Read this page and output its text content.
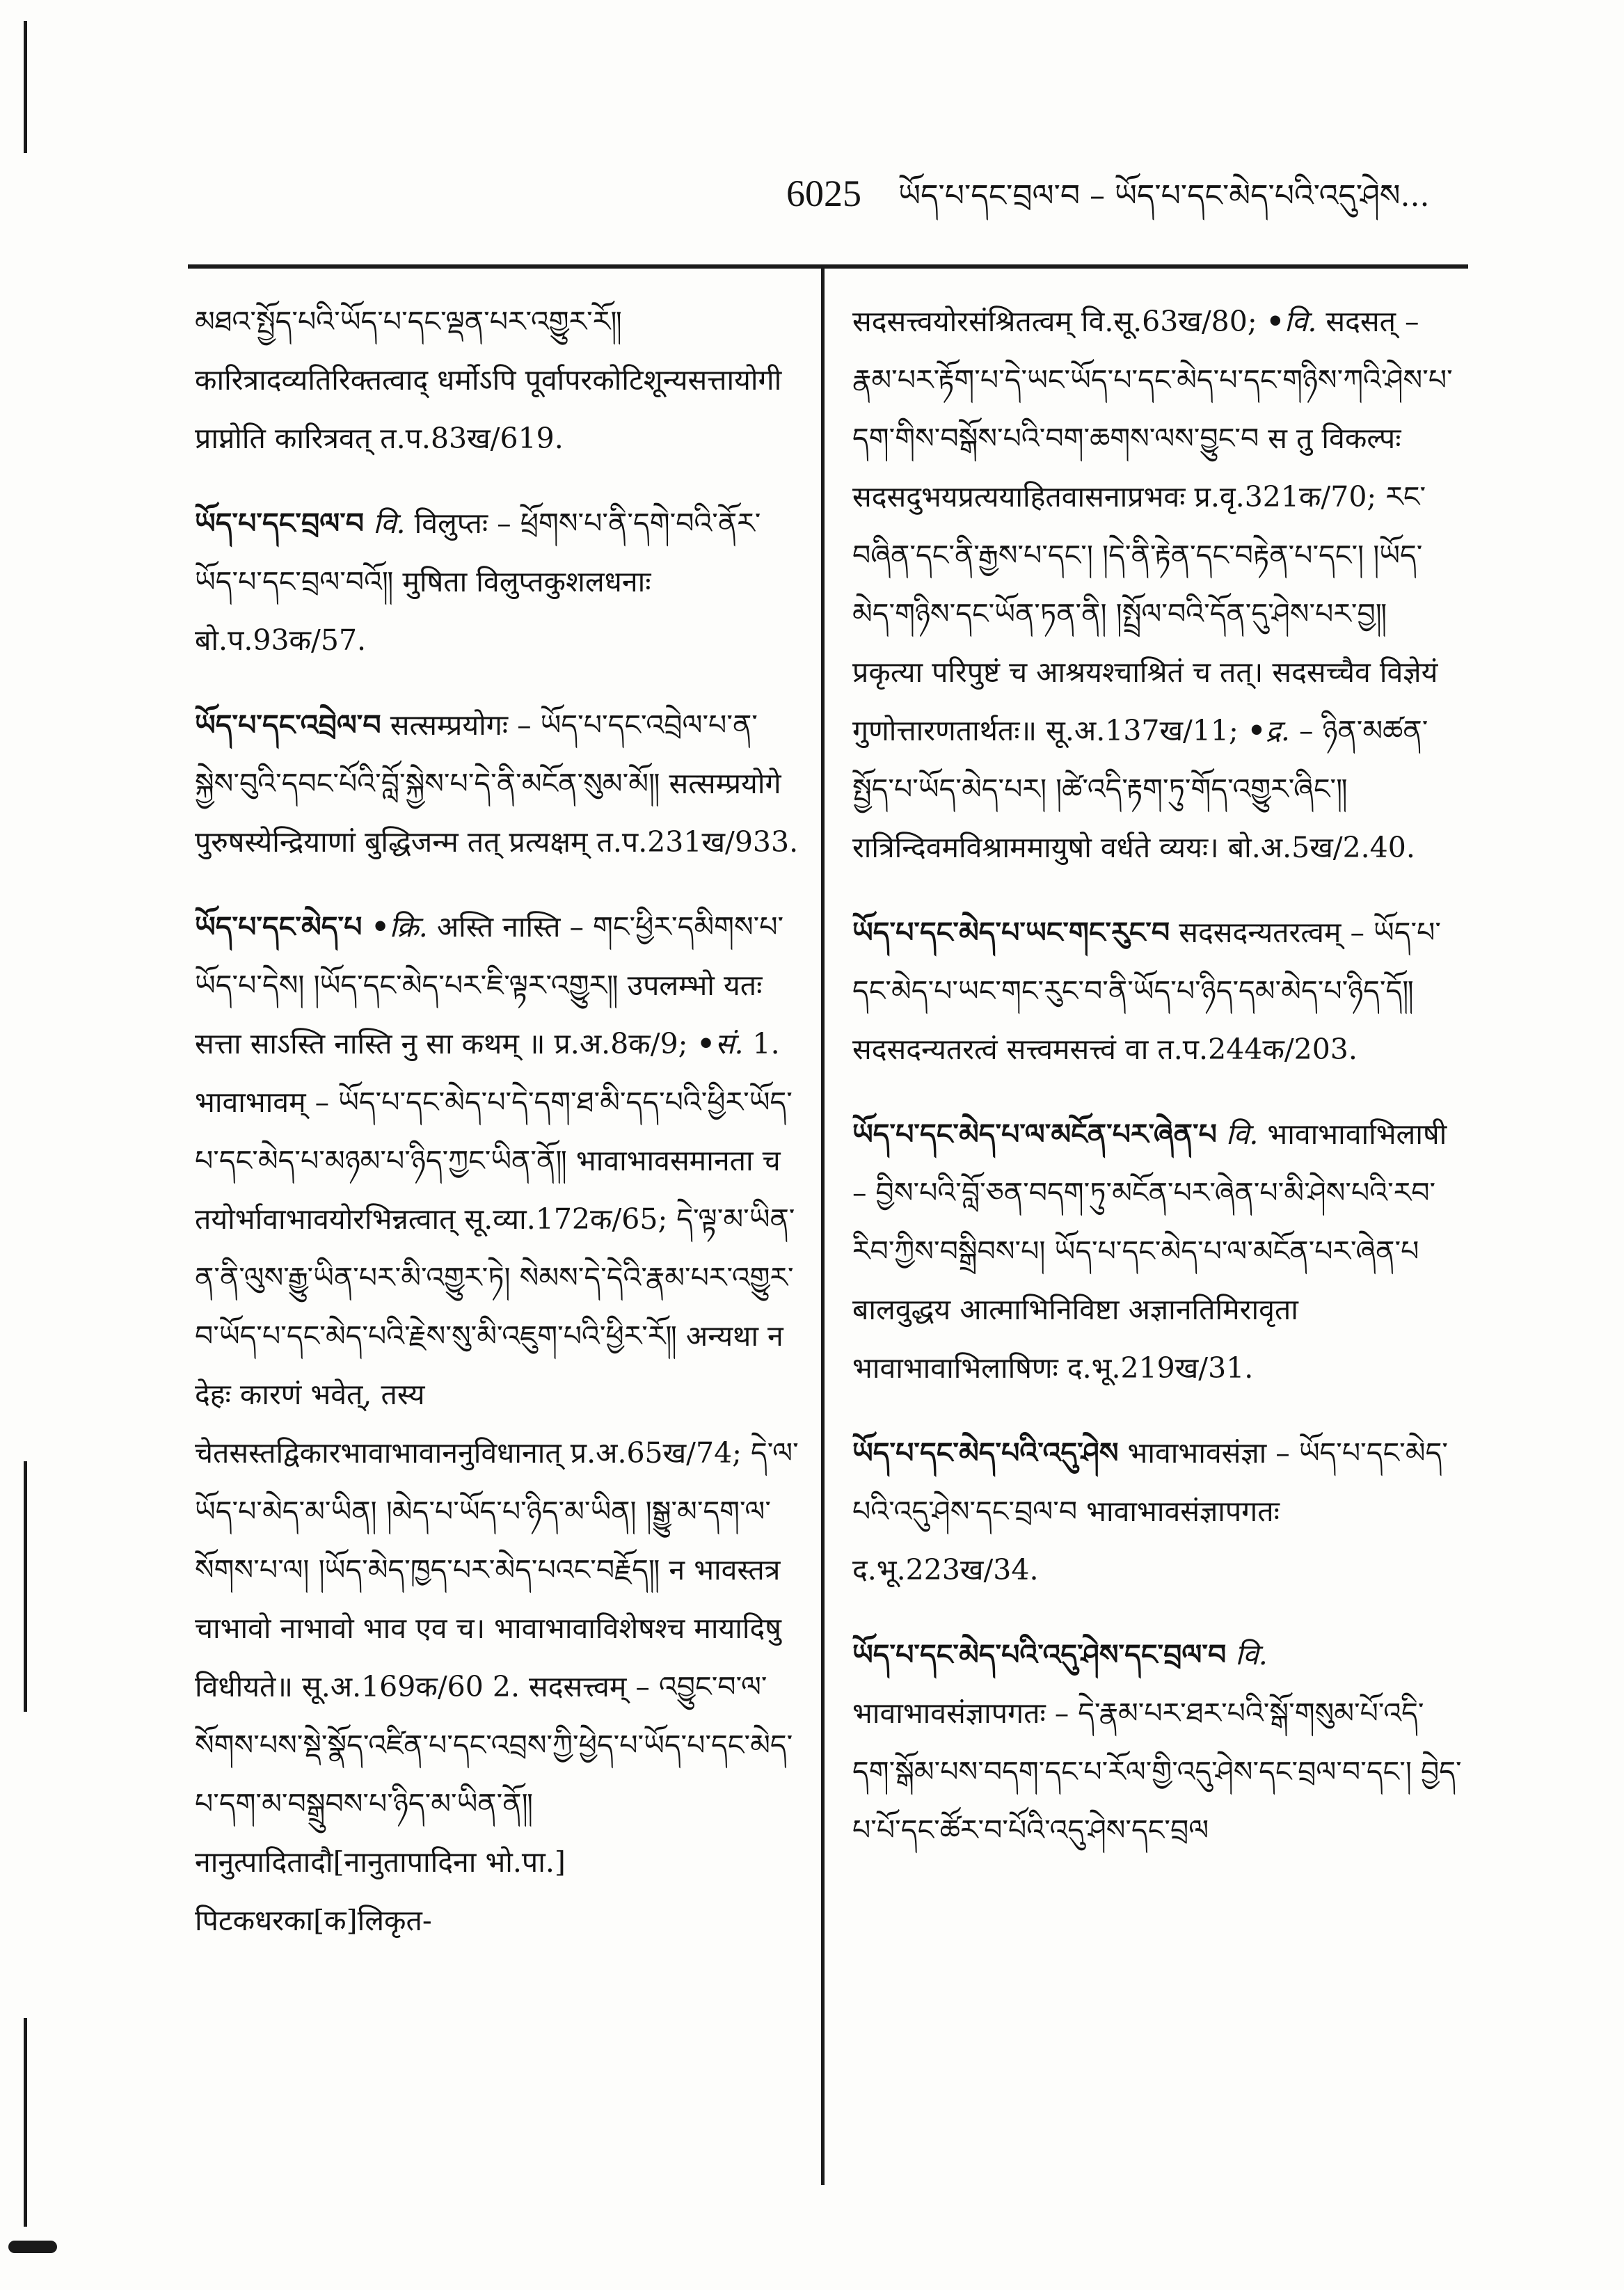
6025 ཡོད་པ་དང་བྲལ་བ – ཡོད་པ་དང་མེད་པའི་འདུ་ཤེས...

མཐའ་སྤྱོད་པའི་ཡོད་པ་དང་ལྡན་པར་འགྱུར་རོ༎ कारित्रादव्यतिरिक्तत्वाद् धर्मोऽपि पूर्वापरकोटिशून्यसत्तायोगी प्राप्नोति कारित्रवत् त.प.83ख/619.

ཡོད་པ་དང་བྲལ་བ वि. विलुप्तः – ཕྲོགས་པ་ནི་དགེ་བའི་ནོར་ཡོད་པ་དང་བྲལ་བའོ༎ मुषिता विलुप्तकुशलधनाः बो.प.93क/57.

ཡོད་པ་དང་འབྲེལ་བ सत्सम्प्रयोगः – ཡོད་པ་དང་འབྲེལ་པ་ན་སྐྱེས་བུའི་དབང་པོའི་བློ་སྐྱེས་པ་དེ་ནི་མངོན་སུམ་མོ༎ सत्सम्प्रयोगे पुरुषस्येन्द्रियाणां बुद्धिजन्म तत् प्रत्यक्षम् त.प.231ख/933.

ཡོད་པ་དང་མེད་པ •क्रि. अस्ति नास्ति – གང་ཕྱིར་དམིགས་པ་ཡོད་པ་དེས། །ཡོད་དང་མེད་པར་ཇི་ལྟར་འགྱུར༎ उपलम्भो यतः सत्ता साऽस्ति नास्ति नु सा कथम् ॥ प्र.अ.8क/9; •सं. 1. भावाभावम् – ཡོད་པ་དང་མེད་པ་དེ་དག་ཐ་མི་དད་པའི་ཕྱིར་ཡོད་པ་དང་མེད་པ་མཉམ་པ་ཉིད་ཀྱང་ཡིན་ནོ༎ भावाभावसमानता च तयोर्भावाभावयोरभिन्नत्वात् सू.व्या.172क/65; དེ་ལྟ་མ་ཡིན་ན་ནི་ལུས་རྒྱུ་ཡིན་པར་མི་འགྱུར་ཏེ། སེམས་དེ་དེའི་རྣམ་པར་འགྱུར་བ་ཡོད་པ་དང་མེད་པའི་རྗེས་སུ་མི་འཇུག་པའི་ཕྱིར་རོ༎ अन्यथा न देहः कारणं भवेत्, तस्य चेतसस्तद्विकारभावाभावाननुविधानात् प्र.अ.65ख/74; དེ་ལ་ཡོད་པ་མེད་མ་ཡིན། །མེད་པ་ཡོད་པ་ཉིད་མ་ཡིན། །སྒྱུ་མ་དག་ལ་སོགས་པ་ལ། །ཡོད་མེད་ཁྱད་པར་མེད་པའང་བརྗོད༎ न भावस्तत्र चाभावो नाभावो भाव एव च। भावाभावाविशेषश्च मायादिषु विधीयते॥ सू.अ.169क/60 2. सदसत्त्वम् – འབྱུང་བ་ལ་སོགས་པས་སྡེ་སྣོད་འཛིན་པ་དང་འབྲས་ཀྱི་ཕྱེད་པ་ཡོད་པ་དང་མེད་པ་དག་མ་བསྒྲུབས་པ་ཉིད་མ་ཡིན་ནོ༎ नानुत्पादितादौ[नानुतापादिना भो.पा.] पिटकधरका[क]लिकृत-

सदसत्त्वयोरसंश्रितत्वम् वि.सू.63ख/80; •वि. सदसत् – རྣམ་པར་རྟོག་པ་དེ་ཡང་ཡོད་པ་དང་མེད་པ་དང་གཉིས་ཀའི་ཤེས་པ་དག་གིས་བསྒོས་པའི་བག་ཆགས་ལས་བྱུང་བ स तु विकल्पः सदसदुभयप्रत्ययाहितवासनाप्रभवः प्र.वृ.321क/70; རང་བཞིན་དང་ནི་རྒྱས་པ་དང་། །དེ་ནི་རྟེན་དང་བརྟེན་པ་དང་། །ཡོད་མེད་གཉིས་དང་ཡོན་ཏན་ནི། །སྤྲོལ་བའི་དོན་དུ་ཤེས་པར་བྱ༎ प्रकृत्या परिपुष्टं च आश्रयश्चाश्रितं च तत्। सदसच्चैव विज्ञेयं गुणोत्तारणतार्थतः॥ सू.अ.137ख/11; •द्र. – ཉིན་མཚན་སྤྱོད་པ་ཡོད་མེད་པར། །ཚེ་འདི་རྟག་ཏུ་གོད་འགྱུར་ཞིང་༎ रात्रिन्दिवमविश्राममायुषो वर्धते व्ययः। बो.अ.5ख/2.40.

ཡོད་པ་དང་མེད་པ་ཡང་གང་རུང་བ सदसदन्यतरत्वम् – ཡོད་པ་དང་མེད་པ་ཡང་གང་རུང་བ་ནི་ཡོད་པ་ཉིད་དམ་མེད་པ་ཉིད་དོ༎ सदसदन्यतरत्वं सत्त्वमसत्त्वं वा त.प.244क/203.

ཡོད་པ་དང་མེད་པ་ལ་མངོན་པར་ཞེན་པ वि. भावाभावाभिलाषी – བྱིས་པའི་བློ་ཅན་བདག་ཏུ་མངོན་པར་ཞེན་པ་མི་ཤེས་པའི་རབ་རིབ་ཀྱིས་བསྒྲིབས་པ། ཡོད་པ་དང་མེད་པ་ལ་མངོན་པར་ཞེན་པ बालवुद्धय आत्माभिनिविष्टा अज्ञानतिमिरावृता भावाभावाभिलाषिणः द.भू.219ख/31.

ཡོད་པ་དང་མེད་པའི་འདུ་ཤེས भावाभावसंज्ञा – ཡོད་པ་དང་མེད་པའི་འདུ་ཤེས་དང་བྲལ་བ भावाभावसंज्ञापगतः द.भू.223ख/34.

ཡོད་པ་དང་མེད་པའི་འདུ་ཤེས་དང་བྲལ་བ वि. भावाभावसंज्ञापगतः – དེ་རྣམ་པར་ཐར་པའི་སྒོ་གསུམ་པོ་འདི་དག་སྒོམ་པས་བདག་དང་པ་རོལ་གྱི་འདུ་ཤེས་དང་བྲལ་བ་དང་། བྱེད་པ་པོ་དང་ཚོར་བ་པོའི་འདུ་ཤེས་དང་བྲལ
